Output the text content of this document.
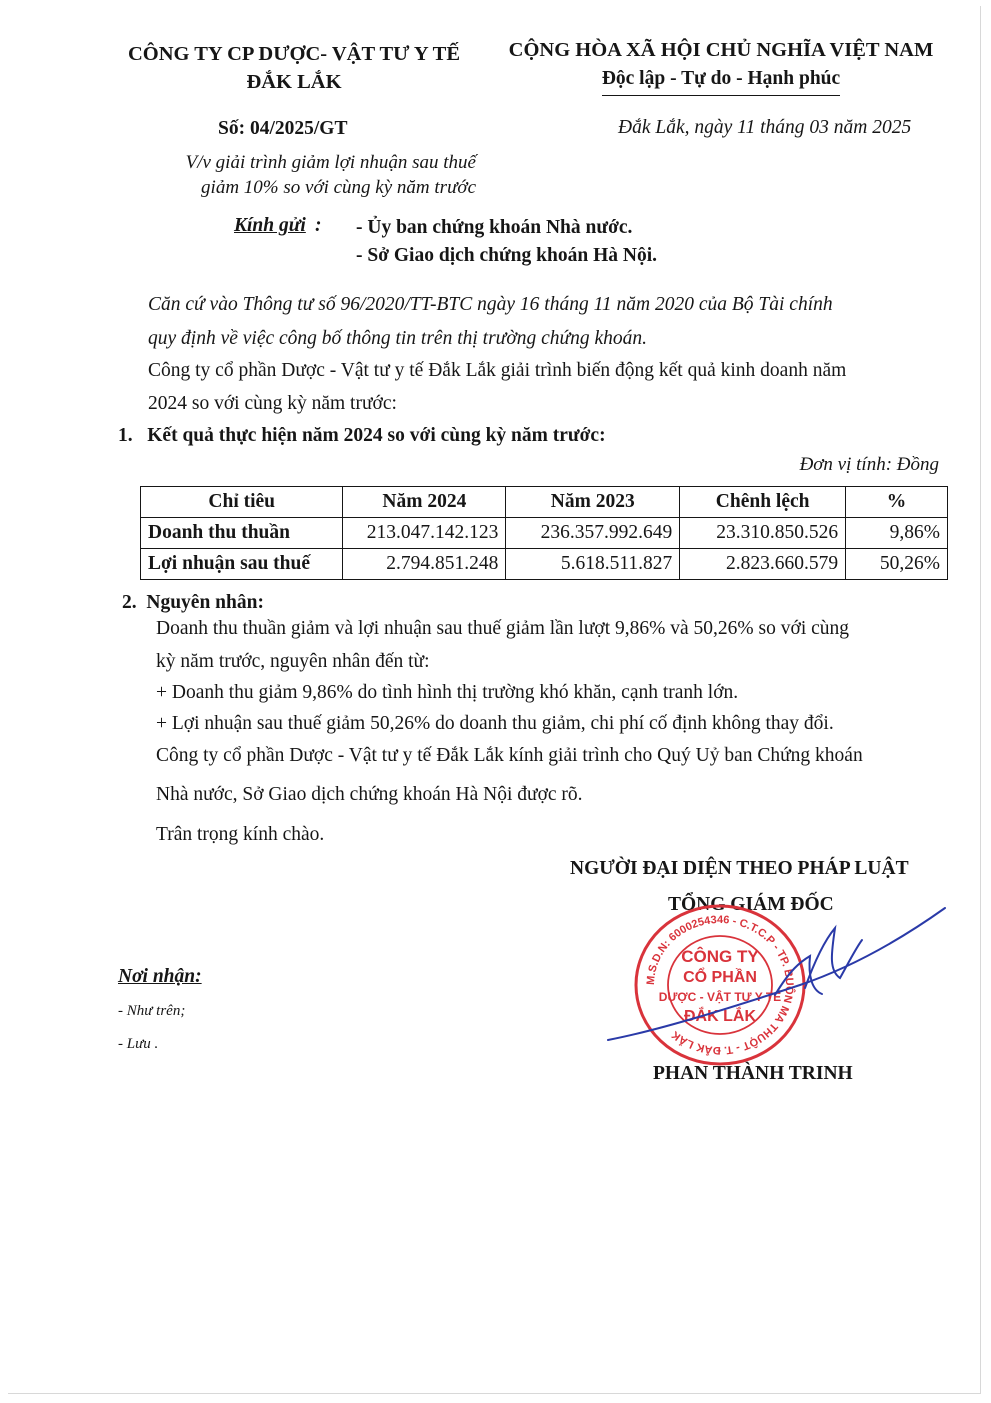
CÔNG TY CP DƯỢC- VẬT TƯ Y TẾ
ĐẮK LẮK
CỘNG HÒA XÃ HỘI CHỦ NGHĨA VIỆT NAM
Độc lập - Tự do - Hạnh phúc
Số: 04/2025/GT	Đắk Lắk, ngày 11 tháng 03 năm 2025
V/v giải trình giảm lợi nhuận sau thuế
giảm 10% so với cùng kỳ năm trước
Kính gửi : - Ủy ban chứng khoán Nhà nước.
- Sở Giao dịch chứng khoán Hà Nội.
Căn cứ vào Thông tư số 96/2020/TT-BTC ngày 16 tháng 11 năm 2020 của Bộ Tài chính
quy định về việc công bố thông tin trên thị trường chứng khoán.
Công ty cổ phần Dược - Vật tư y tế Đắk Lắk giải trình biến động kết quả kinh doanh năm
2024 so với cùng kỳ năm trước:
1.   Kết quả thực hiện năm 2024 so với cùng kỳ năm trước:
Đơn vị tính: Đồng
Chỉ tiêu	Năm 2024	Năm 2023	Chênh lệch	%
Doanh thu thuần	213.047.142.123	236.357.992.649	23.310.850.526	9,86%
Lợi nhuận sau thuế	2.794.851.248	5.618.511.827	2.823.660.579	50,26%
2.  Nguyên nhân:
Doanh thu thuần giảm và lợi nhuận sau thuế giảm lần lượt 9,86% và 50,26% so với cùng
kỳ năm trước, nguyên nhân đến từ:
+ Doanh thu giảm 9,86% do tình hình thị trường khó khăn, cạnh tranh lớn.
+ Lợi nhuận sau thuế giảm 50,26% do doanh thu giảm, chi phí cố định không thay đổi.
Công ty cổ phần Dược - Vật tư y tế Đắk Lắk kính giải trình cho Quý Uỷ ban Chứng khoán
Nhà nước, Sở Giao dịch chứng khoán Hà Nội được rõ.
Trân trọng kính chào.
NGƯỜI ĐẠI DIỆN THEO PHÁP LUẬT
TỔNG GIÁM ĐỐC
M.S.D.N: 6000254346 - C.T.C.P - TP. BUÔN MA THUỘT - T. ĐẮK LẮK
CÔNG TY
CỔ PHẦN
DƯỢC - VẬT TƯ Y TẾ
ĐẮK LẮK
PHAN THÀNH TRINH
Nơi nhận:
- Như trên;
- Lưu .
